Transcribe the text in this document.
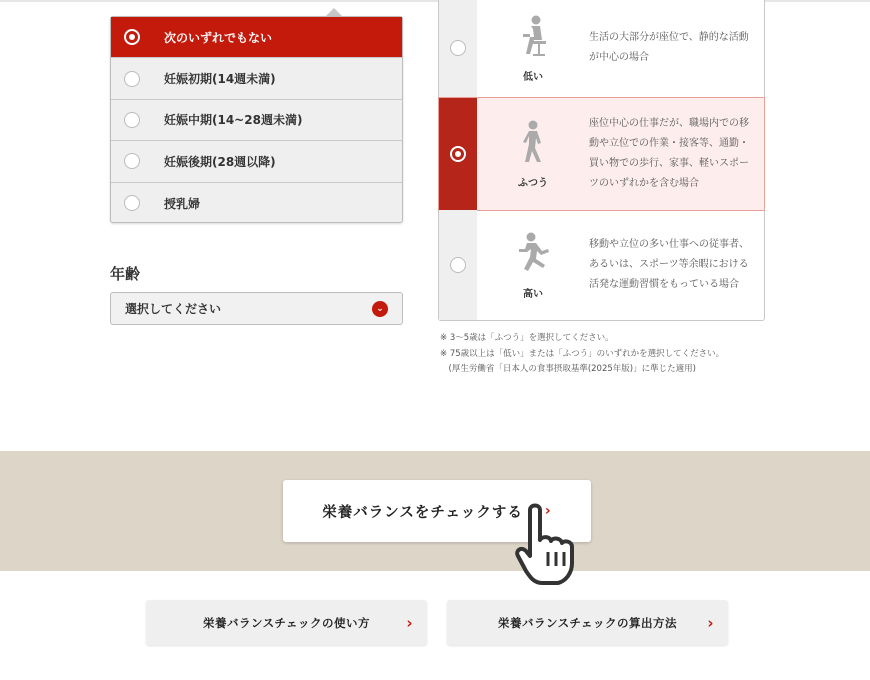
次のいずれでもない
妊娠初期(14週未満)
妊娠中期(14~28週未満)
妊娠後期(28週以降)
授乳婦
年齢
選択してください	⌄
低い
生活の大部分が座位で、静的な活動が中心の場合
ふつう
座位中心の仕事だが、職場内での移動や立位での作業・接客等、通勤・買い物での歩行、家事、軽いスポーツのいずれかを含む場合
高い
移動や立位の多い仕事への従事者、あるいは、スポーツ等余暇における活発な運動習慣をもっている場合
※ 3～5歳は「ふつう」を選択してください。
※ 75歳以上は「低い」または「ふつう」のいずれかを選択してください。
　(厚生労働省「日本人の食事摂取基準(2025年版)」に準じた適用)
栄養バランスをチェックする ›
栄養バランスチェックの使い方 ›	栄養バランスチェックの算出方法 ›
